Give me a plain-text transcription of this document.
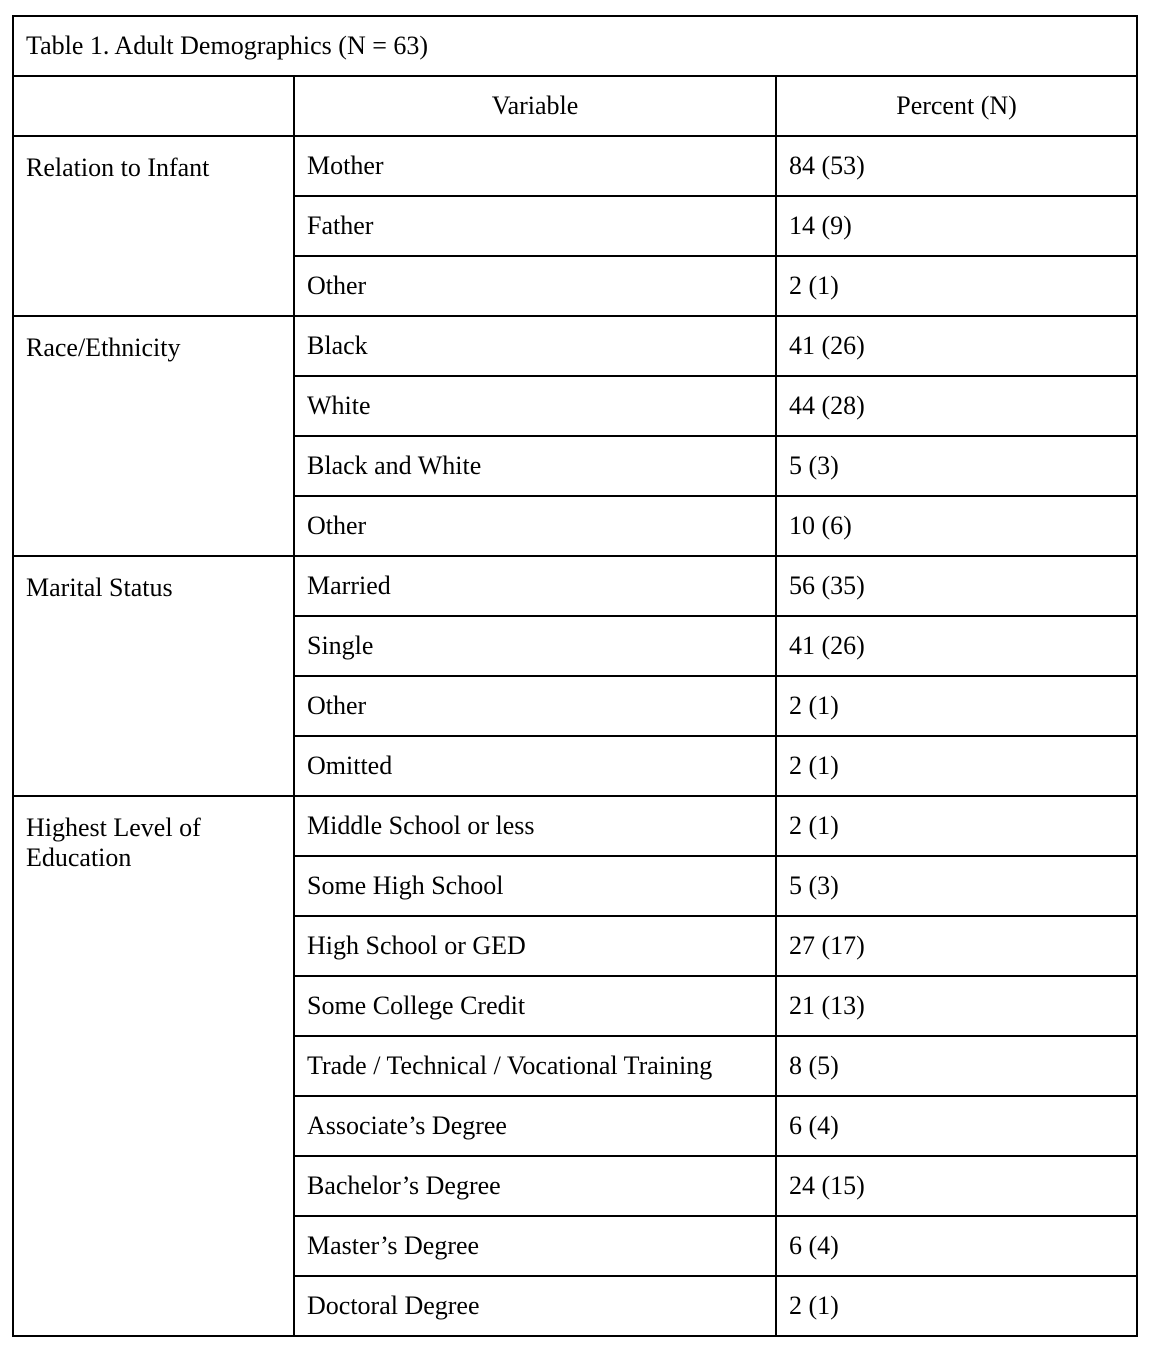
Table 1. Adult Demographics (N = 63)		
	Variable	Percent (N)
Relation to Infant	Mother	84 (53)
	Father	14 (9)
	Other	2 (1)
Race/Ethnicity	Black	41 (26)
	White	44 (28)
	Black and White	5 (3)
	Other	10 (6)
Marital Status	Married	56 (35)
	Single	41 (26)
	Other	2 (1)
	Omitted	2 (1)
Highest Level of Education	Middle School or less	2 (1)
	Some High School	5 (3)
	High School or GED	27 (17)
	Some College Credit	21 (13)
	Trade / Technical / Vocational Training	8 (5)
	Associate’s Degree	6 (4)
	Bachelor’s Degree	24 (15)
	Master’s Degree	6 (4)
	Doctoral Degree	2 (1)
